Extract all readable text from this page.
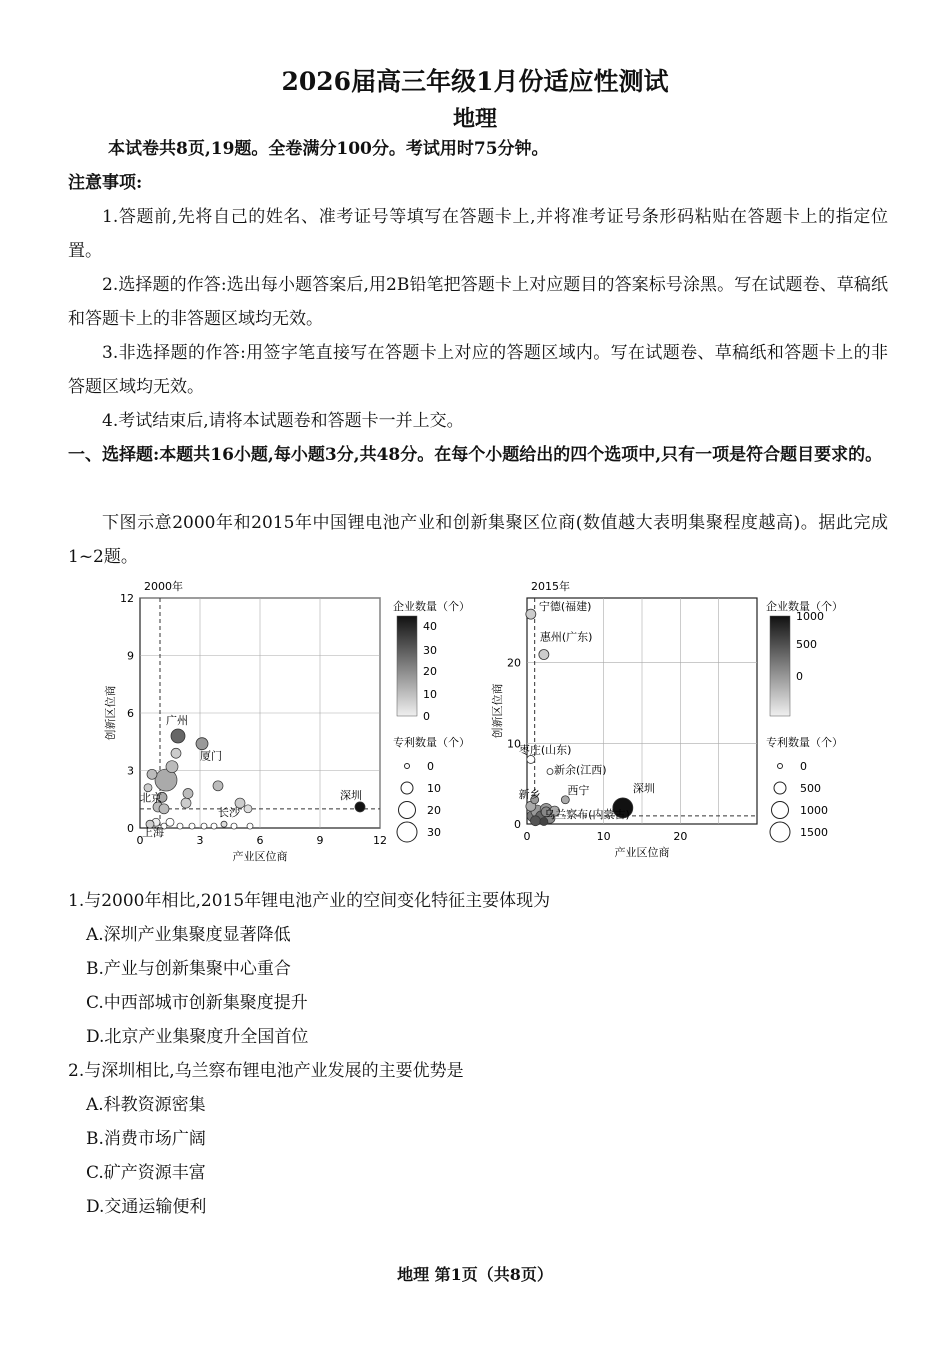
2026届高三年级1月份适应性测试
地理
本试卷共8页,19题。全卷满分100分。考试用时75分钟。
注意事项:
1.答题前,先将自己的姓名、准考证号等填写在答题卡上,并将准考证号条形码粘贴在答题卡上的指定位置。
2.选择题的作答:选出每小题答案后,用2B铅笔把答题卡上对应题目的答案标号涂黑。写在试题卷、草稿纸和答题卡上的非答题区域均无效。
3.非选择题的作答:用签字笔直接写在答题卡上对应的答题区域内。写在试题卷、草稿纸和答题卡上的非答题区域均无效。
4.考试结束后,请将本试题卷和答题卡一并上交。
一、选择题:本题共16小题,每小题3分,共48分。在每个小题给出的四个选项中,只有一项是符合题目要求的。
下图示意2000年和2015年中国锂电池产业和创新集聚区位商(数值越大表明集聚程度越高)。据此完成1~2题。
0	3	6	9	12
0
3
6
9
12
2000年
产业区位商
创新区位商	广州
厦门
北京
上海
长沙
深圳
企业数量（个）
40
30
20
10
0
专利数量（个）
0
10
20
30	0	10	20
0
10
20
2015年
产业区位商
创新区位商
宁德(福建)
惠州(广东)
枣庄(山东)
新余(江西)
新乡 西宁
乌兰察布(内蒙古)
深圳
企业数量（个）
1000
500
0
专利数量（个）
0
500
1000
1500
1.与2000年相比,2015年锂电池产业的空间变化特征主要体现为
A.深圳产业集聚度显著降低
B.产业与创新集聚中心重合
C.中西部城市创新集聚度提升
D.北京产业集聚度升全国首位
2.与深圳相比,乌兰察布锂电池产业发展的主要优势是
A.科教资源密集
B.消费市场广阔
C.矿产资源丰富
D.交通运输便利
地理 第1页（共8页）
